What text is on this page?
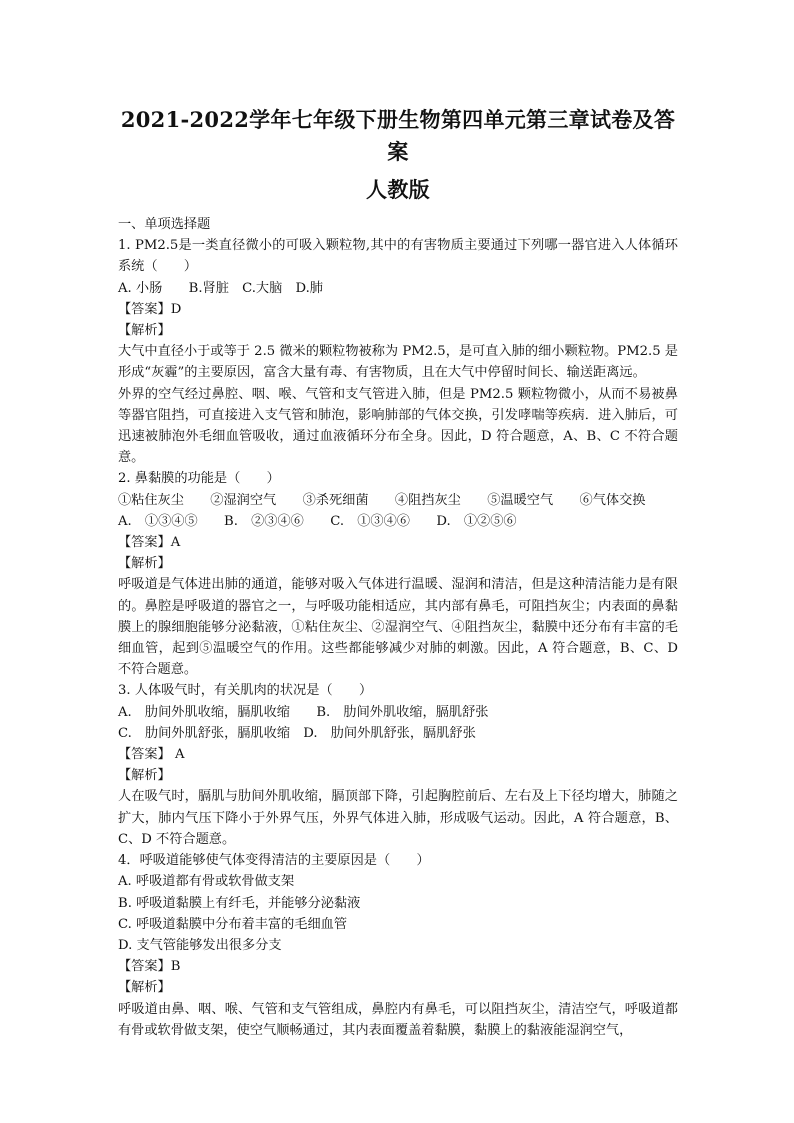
2021-2022学年七年级下册生物第四单元第三章试卷及答案
人教版

一、单项选择题

1. PM2.5是一类直径微小的可吸入颗粒物,其中的有害物质主要通过下列哪一器官进入人体循环系统（　　）

A. 小肠　　B.肾脏　C.大脑　D.肺

【答案】D

【解析】

大气中直径小于或等于 2.5 微米的颗粒物被称为 PM2.5，是可直入肺的细小颗粒物。PM2.5 是形成“灰霾”的主要原因，富含大量有毒、有害物质，且在大气中停留时间长、输送距离远。

外界的空气经过鼻腔、咽、喉、气管和支气管进入肺，但是 PM2.5 颗粒物微小，从而不易被鼻等器官阻挡，可直接进入支气管和肺泡，影响肺部的气体交换，引发哮喘等疾病．进入肺后，可迅速被肺泡外毛细血管吸收，通过血液循环分布全身。因此，D 符合题意，A、B、C 不符合题意。

2. 鼻黏膜的功能是（　　）

①粘住灰尘　　②湿润空气　　③杀死细菌　　④阻挡灰尘　　⑤温暖空气　　⑥气体交换

A.　①③④⑤　　B.　②③④⑥　　C.　①③④⑥　　D.　①②⑤⑥

【答案】A

【解析】

呼吸道是气体进出肺的通道，能够对吸入气体进行温暖、湿润和清洁，但是这种清洁能力是有限的。鼻腔是呼吸道的器官之一，与呼吸功能相适应，其内部有鼻毛，可阻挡灰尘；内表面的鼻黏膜上的腺细胞能够分泌黏液，①粘住灰尘、②湿润空气、④阻挡灰尘，黏膜中还分布有丰富的毛细血管，起到⑤温暖空气的作用。这些都能够减少对肺的刺激。因此，A 符合题意，B、C、D 不符合题意。

3. 人体吸气时，有关肌肉的状况是（　　）

A.　肋间外肌收缩，膈肌收缩　　B.　肋间外肌收缩，膈肌舒张

C.　肋间外肌舒张，膈肌收缩　D.　肋间外肌舒张，膈肌舒张

【答案】 A

【解析】

人在吸气时，膈肌与肋间外肌收缩，膈顶部下降，引起胸腔前后、左右及上下径均增大，肺随之扩大，肺内气压下降小于外界气压，外界气体进入肺，形成吸气运动。因此，A 符合题意，B、C、D 不符合题意。

4．呼吸道能够使气体变得清洁的主要原因是（　　）

A. 呼吸道都有骨或软骨做支架

B. 呼吸道黏膜上有纤毛，并能够分泌黏液

C. 呼吸道黏膜中分布着丰富的毛细血管

D. 支气管能够发出很多分支

【答案】B

【解析】

呼吸道由鼻、咽、喉、气管和支气管组成，鼻腔内有鼻毛，可以阻挡灰尘，清洁空气，呼吸道都有骨或软骨做支架，使空气顺畅通过，其内表面覆盖着黏膜，黏膜上的黏液能湿润空气，
